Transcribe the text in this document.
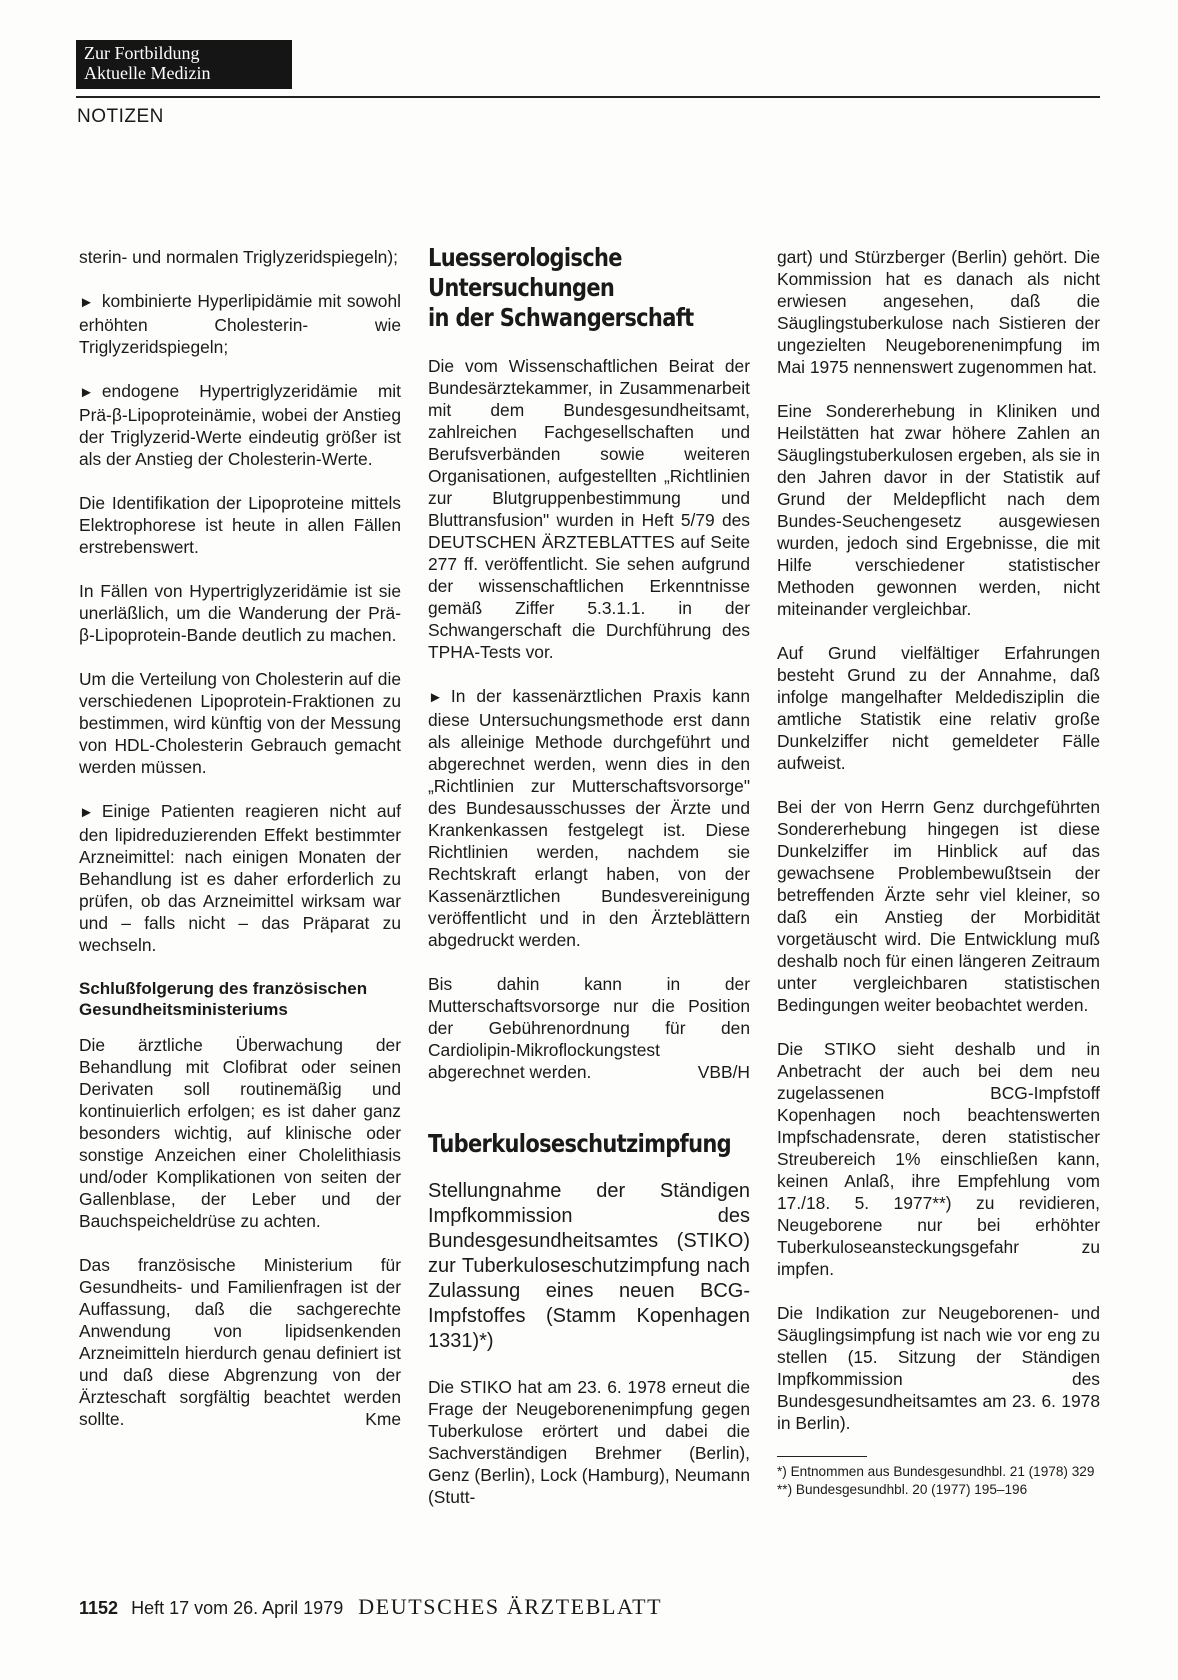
Zur Fortbildung
Aktuelle Medizin
NOTIZEN

sterin- und normalen Triglyzeridspiegeln);

► kombinierte Hyperlipidämie mit sowohl erhöhten Cholesterin- wie Triglyzeridspiegeln;

► endogene Hypertriglyzeridämie mit Prä-β-Lipoproteinämie, wobei der Anstieg der Triglyzerid-Werte eindeutig größer ist als der Anstieg der Cholesterin-Werte.

Die Identifikation der Lipoproteine mittels Elektrophorese ist heute in allen Fällen erstrebenswert.

In Fällen von Hypertriglyzeridämie ist sie unerläßlich, um die Wanderung der Prä-β-Lipoprotein-Bande deutlich zu machen.

Um die Verteilung von Cholesterin auf die verschiedenen Lipoprotein-Fraktionen zu bestimmen, wird künftig von der Messung von HDL-Cholesterin Gebrauch gemacht werden müssen.

► Einige Patienten reagieren nicht auf den lipidreduzierenden Effekt bestimmter Arzneimittel: nach einigen Monaten der Behandlung ist es daher erforderlich zu prüfen, ob das Arzneimittel wirksam war und – falls nicht – das Präparat zu wechseln.

Schlußfolgerung des französischen Gesundheitsministeriums

Die ärztliche Überwachung der Behandlung mit Clofibrat oder seinen Derivaten soll routinemäßig und kontinuierlich erfolgen; es ist daher ganz besonders wichtig, auf klinische oder sonstige Anzeichen einer Cholelithiasis und/oder Komplikationen von seiten der Gallenblase, der Leber und der Bauchspeicheldrüse zu achten.

Das französische Ministerium für Gesundheits- und Familienfragen ist der Auffassung, daß die sachgerechte Anwendung von lipidsenkenden Arzneimitteln hierdurch genau definiert ist und daß diese Abgrenzung von der Ärzteschaft sorgfältig beachtet werden sollte.	Kme

Luesserologische
Untersuchungen
in der Schwangerschaft

Die vom Wissenschaftlichen Beirat der Bundesärztekammer, in Zusammenarbeit mit dem Bundesgesundheitsamt, zahlreichen Fachgesellschaften und Berufsverbänden sowie weiteren Organisationen, aufgestellten „Richtlinien zur Blutgruppenbestimmung und Bluttransfusion" wurden in Heft 5/79 des DEUTSCHEN ÄRZTEBLATTES auf Seite 277 ff. veröffentlicht. Sie sehen aufgrund der wissenschaftlichen Erkenntnisse gemäß Ziffer 5.3.1.1. in der Schwangerschaft die Durchführung des TPHA-Tests vor.

► In der kassenärztlichen Praxis kann diese Untersuchungsmethode erst dann als alleinige Methode durchgeführt und abgerechnet werden, wenn dies in den „Richtlinien zur Mutterschaftsvorsorge" des Bundesausschusses der Ärzte und Krankenkassen festgelegt ist. Diese Richtlinien werden, nachdem sie Rechtskraft erlangt haben, von der Kassenärztlichen Bundesvereinigung veröffentlicht und in den Ärzteblättern abgedruckt werden.

Bis dahin kann in der Mutterschaftsvorsorge nur die Position der Gebührenordnung für den Cardiolipin-Mikroflockungstest abgerechnet werden.	VBB/H

Tuberkuloseschutzimpfung

Stellungnahme der Ständigen Impfkommission des Bundesgesundheitsamtes (STIKO) zur Tuberkuloseschutzimpfung nach Zulassung eines neuen BCG-Impfstoffes (Stamm Kopenhagen 1331)*)

Die STIKO hat am 23. 6. 1978 erneut die Frage der Neugeborenenimpfung gegen Tuberkulose erörtert und dabei die Sachverständigen Brehmer (Berlin), Genz (Berlin), Lock (Hamburg), Neumann (Stutt-

gart) und Stürzberger (Berlin) gehört. Die Kommission hat es danach als nicht erwiesen angesehen, daß die Säuglingstuberkulose nach Sistieren der ungezielten Neugeborenenimpfung im Mai 1975 nennenswert zugenommen hat.

Eine Sondererhebung in Kliniken und Heilstätten hat zwar höhere Zahlen an Säuglingstuberkulosen ergeben, als sie in den Jahren davor in der Statistik auf Grund der Meldepflicht nach dem Bundes-Seuchengesetz ausgewiesen wurden, jedoch sind Ergebnisse, die mit Hilfe verschiedener statistischer Methoden gewonnen werden, nicht miteinander vergleichbar.

Auf Grund vielfältiger Erfahrungen besteht Grund zu der Annahme, daß infolge mangelhafter Meldedisziplin die amtliche Statistik eine relativ große Dunkelziffer nicht gemeldeter Fälle aufweist.

Bei der von Herrn Genz durchgeführten Sondererhebung hingegen ist diese Dunkelziffer im Hinblick auf das gewachsene Problembewußtsein der betreffenden Ärzte sehr viel kleiner, so daß ein Anstieg der Morbidität vorgetäuscht wird. Die Entwicklung muß deshalb noch für einen längeren Zeitraum unter vergleichbaren statistischen Bedingungen weiter beobachtet werden.

Die STIKO sieht deshalb und in Anbetracht der auch bei dem neu zugelassenen BCG-Impfstoff Kopenhagen noch beachtenswerten Impfschadensrate, deren statistischer Streubereich 1% einschließen kann, keinen Anlaß, ihre Empfehlung vom 17./18. 5. 1977**) zu revidieren, Neugeborene nur bei erhöhter Tuberkuloseansteckungsgefahr zu impfen.

Die Indikation zur Neugeborenen- und Säuglingsimpfung ist nach wie vor eng zu stellen (15. Sitzung der Ständigen Impfkommission des Bundesgesundheitsamtes am 23. 6. 1978 in Berlin).

*) Entnommen aus Bundesgesundhbl. 21 (1978) 329
**) Bundesgesundhbl. 20 (1977) 195–196
1152 Heft 17 vom 26. April 1979 DEUTSCHES ÄRZTEBLATT
